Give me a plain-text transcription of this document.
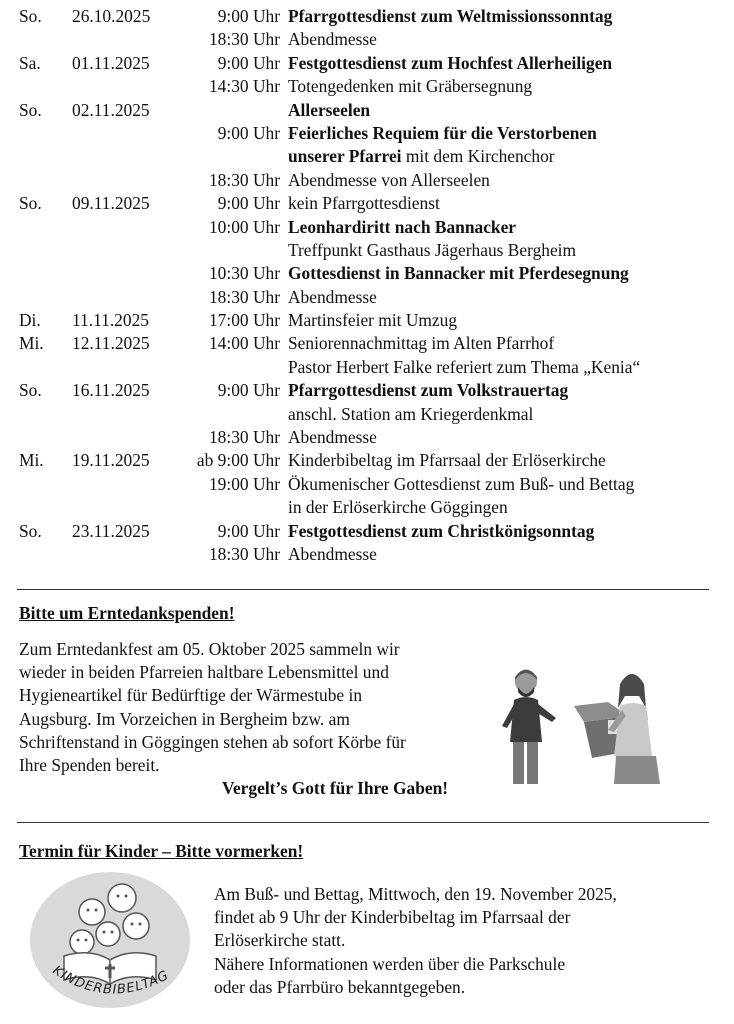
So. 26.10.2025	9:00 Uhr Pfarrgottesdienst zum Weltmissionssonntag
18:30 Uhr Abendmesse
Sa. 01.11.2025	9:00 Uhr Festgottesdienst zum Hochfest Allerheiligen
14:30 Uhr Totengedenken mit Gräbersegnung
So. 02.11.2025	Allerseelen
9:00 Uhr Feierliches Requiem für die Verstorbenen
unserer Pfarrei mit dem Kirchenchor
18:30 Uhr Abendmesse von Allerseelen
So. 09.11.2025	9:00 Uhr kein Pfarrgottesdienst
10:00 Uhr Leonhardiritt nach Bannacker
Treffpunkt Gasthaus Jägerhaus Bergheim
10:30 Uhr Gottesdienst in Bannacker mit Pferdesegnung
18:30 Uhr Abendmesse
Di. 11.11.2025	17:00 Uhr Martinsfeier mit Umzug
Mi. 12.11.2025	14:00 Uhr Seniorennachmittag im Alten Pfarrhof
Pastor Herbert Falke referiert zum Thema „Kenia“
So. 16.11.2025	9:00 Uhr Pfarrgottesdienst zum Volkstrauertag
anschl. Station am Kriegerdenkmal
18:30 Uhr Abendmesse
Mi. 19.11.2025	ab 9:00 Uhr Kinderbibeltag im Pfarrsaal der Erlöserkirche
19:00 Uhr Ökumenischer Gottesdienst zum Buß- und Bettag
in der Erlöserkirche Göggingen
So. 23.11.2025	9:00 Uhr Festgottesdienst zum Christkönigsonntag
18:30 Uhr Abendmesse
Bitte um Erntedankspenden!
Zum Erntedankfest am 05. Oktober 2025 sammeln wir
wieder in beiden Pfarreien haltbare Lebensmittel und
Hygieneartikel für Bedürftige der Wärmestube in
Augsburg. Im Vorzeichen in Bergheim bzw. am
Schriftenstand in Göggingen stehen ab sofort Körbe für
Ihre Spenden bereit.
Vergelt’s Gott für Ihre Gaben!
Termin für Kinder – Bitte vormerken!
KINDERBIBELTAG
Am Buß- und Bettag, Mittwoch, den 19. November 2025,
findet ab 9 Uhr der Kinderbibeltag im Pfarrsaal der
Erlöserkirche statt.
Nähere Informationen werden über die Parkschule
oder das Pfarrbüro bekanntgegeben.
